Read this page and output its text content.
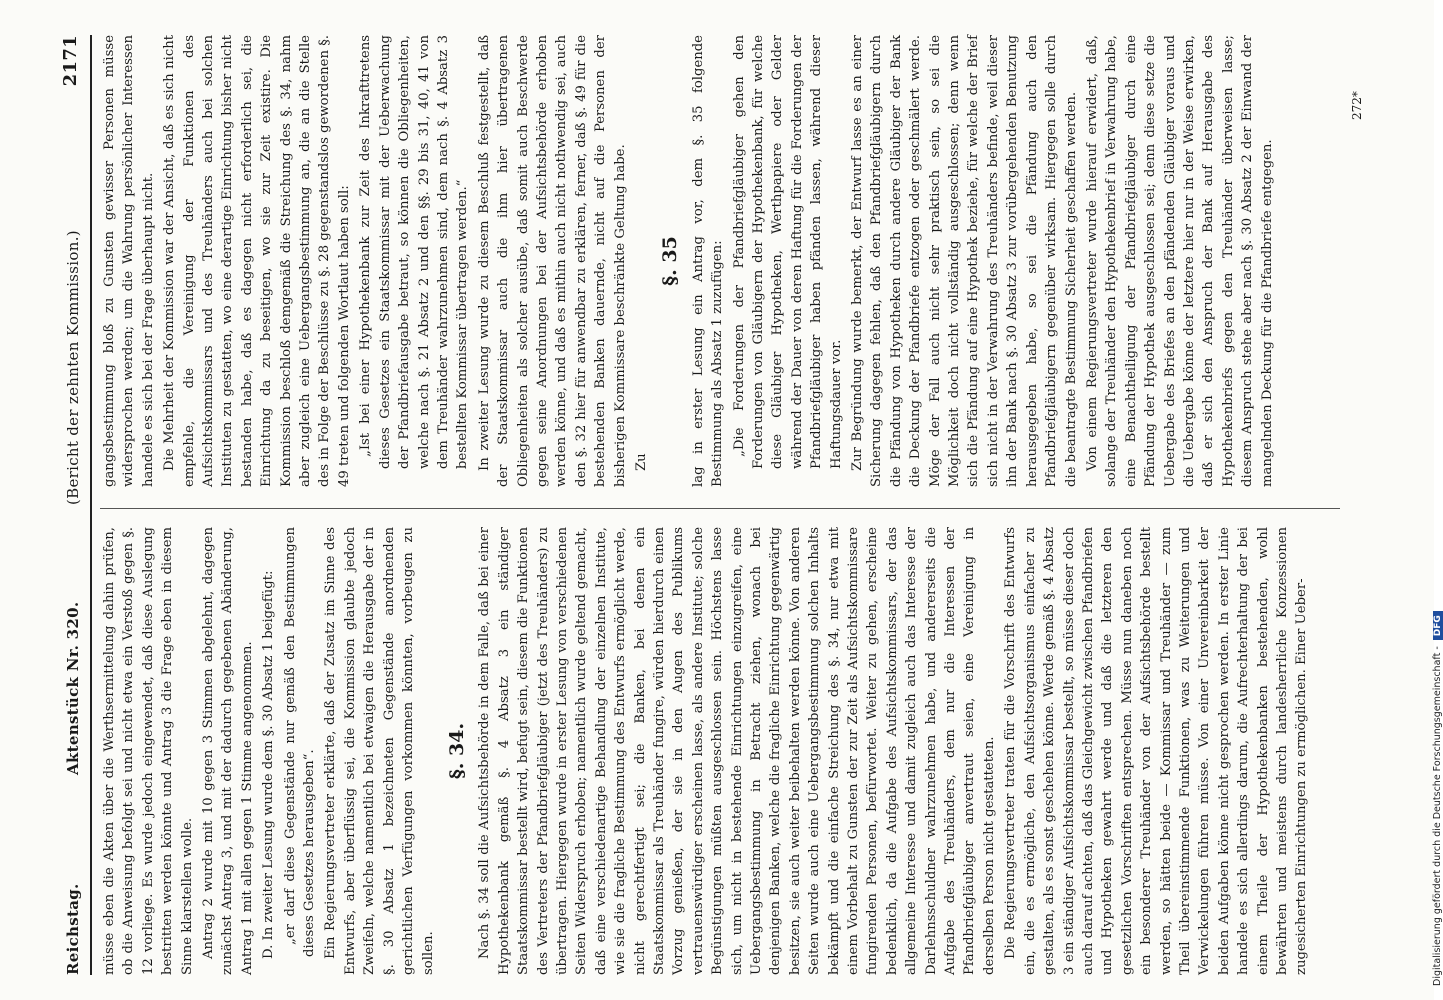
Reichstag.
Aktenstück Nr. 320.
(Bericht der zehnten Kommission.)
2171

müsse eben die Akten über die Werthsermittelung dahin prüfen, ob die Anweisung befolgt sei und nicht etwa ein Verstoß gegen §. 12 vorliege. Es wurde jedoch eingewendet, daß diese Auslegung bestritten werden könnte und Antrag 3 die Frage eben in diesem Sinne klarstellen wolle. Antrag 2 wurde mit 10 gegen 3 Stimmen abgelehnt, dagegen zunächst Antrag 3, und mit der dadurch gegebenen Abänderung, Antrag 1 mit allen gegen 1 Stimme angenommen. D. In zweiter Lesung wurde dem §. 30 Absatz 1 beigefügt: „er darf diese Gegenstände nur gemäß den Bestimmungen dieses Gesetzes herausgeben“. Ein Regierungsvertreter erklärte, daß der Zusatz im Sinne des Entwurfs, aber überflüssig sei, die Kommission glaubte jedoch Zweifeln, welche namentlich bei etwaigen die Herausgabe der in §. 30 Absatz 1 bezeichneten Gegenstände anordnenden gerichtlichen Verfügungen vorkommen könnten, vorbeugen zu sollen.

§. 34. Nach §. 34 soll die Aufsichtsbehörde in dem Falle, daß bei einer Hypothekenbank gemäß §. 4 Absatz 3 ein ständiger Staatskommissar bestellt wird, befugt sein, diesem die Funktionen des Vertreters der Pfandbriefgläubiger (jetzt des Treuhänders) zu übertragen. Hiergegen wurde in erster Lesung von verschiedenen Seiten Widerspruch erhoben; namentlich wurde geltend gemacht, daß eine verschiedenartige Behandlung der einzelnen Institute, wie sie die fragliche Bestimmung des Entwurfs ermöglicht werde, nicht gerechtfertigt sei; die Banken, bei denen ein Staatskommissar als Treuhänder fungire, würden hierdurch einen Vorzug genießen, der sie in den Augen des Publikums vertrauenswürdiger erscheinen lasse, als andere Institute; solche Begünstigungen müßten ausgeschlossen sein. Höchstens lasse sich, um nicht in bestehende Einrichtungen einzugreifen, eine Uebergangsbestimmung in Betracht ziehen, wonach bei denjenigen Banken, welche die fragliche Einrichtung gegenwärtig besitzen, sie auch weiter beibehalten werden könne. Von anderen Seiten wurde auch eine Uebergangsbestimmung solchen Inhalts bekämpft und die einfache Streichung des §. 34, nur etwa mit einem Vorbehalt zu Gunsten der zur Zeit als Aufsichtskommissare fungirenden Personen, befürwortet. Weiter zu gehen, erscheine bedenklich, da die Aufgabe des Aufsichtskommissars, der das allgemeine Interesse und damit zugleich auch das Interesse der Darlehnsschuldner wahrzunehmen habe, und andererseits die Aufgabe des Treuhänders, dem nur die Interessen der Pfandbriefgläubiger anvertraut seien, eine Vereinigung in derselben Person nicht gestatteten. Die Regierungsvertreter traten für die Vorschrift des Entwurfs ein, die es ermögliche, den Aufsichtsorganismus einfacher zu gestalten, als es sonst geschehen könne. Werde gemäß §. 4 Absatz 3 ein ständiger Aufsichtskommissar bestellt, so müsse dieser doch auch darauf achten, daß das Gleichgewicht zwischen Pfandbriefen und Hypotheken gewahrt werde und daß die letzteren den gesetzlichen Vorschriften entsprechen. Müsse nun daneben noch ein besonderer Treuhänder von der Aufsichtsbehörde bestellt werden, so hätten beide — Kommissar und Treuhänder — zum Theil übereinstimmende Funktionen, was zu Weiterungen und Verwickelungen führen müsse. Von einer Unvereinbarkeit der beiden Aufgaben könne nicht gesprochen werden. In erster Linie handele es sich allerdings darum, die Aufrechterhaltung der bei einem Theile der Hypothekenbanken bestehenden, wohl bewährten und meistens durch landesherrliche Konzessionen zugesicherten Einrichtungen zu ermöglichen. Einer Ueber-

gangsbestimmung bloß zu Gunsten gewisser Personen müsse widersprochen werden; um die Wahrung persönlicher Interessen handele es sich bei der Frage überhaupt nicht. Die Mehrheit der Kommission war der Ansicht, daß es sich nicht empfehle, die Vereinigung der Funktionen des Aufsichtskommissars und des Treuhänders auch bei solchen Instituten zu gestatten, wo eine derartige Einrichtung bisher nicht bestanden habe, daß es dagegen nicht erforderlich sei, die Einrichtung da zu beseitigen, wo sie zur Zeit existire. Die Kommission beschloß demgemäß die Streichung des §. 34, nahm aber zugleich eine Uebergangsbestimmung an, die an die Stelle des in Folge der Beschlüsse zu §. 28 gegenstandslos gewordenen §. 49 treten und folgenden Wortlaut haben soll: „Ist bei einer Hypothekenbank zur Zeit des Inkrafttretens dieses Gesetzes ein Staatskommissar mit der Ueberwachung der Pfandbriefausgabe betraut, so können die Obliegenheiten, welche nach §. 21 Absatz 2 und den §§. 29 bis 31, 40, 41 von dem Treuhänder wahrzunehmen sind, dem nach §. 4 Absatz 3 bestellten Kommissar übertragen werden.“ In zweiter Lesung wurde zu diesem Beschluß festgestellt, daß der Staatskommissar auch die ihm hier übertragenen Obliegenheiten als solcher ausübe, daß somit auch Beschwerde gegen seine Anordnungen bei der Aufsichtsbehörde erhoben werden könne, und daß es mithin auch nicht nothwendig sei, auch den §. 32 hier für anwendbar zu erklären, ferner, daß §. 49 für die bestehenden Banken dauernde, nicht auf die Personen der bisherigen Kommissare beschränkte Geltung habe. Zu

§. 35 lag in erster Lesung ein Antrag vor, dem §. 35 folgende Bestimmung als Absatz 1 zuzufügen: „Die Forderungen der Pfandbriefgläubiger gehen den Forderungen von Gläubigern der Hypothekenbank, für welche diese Gläubiger Hypotheken, Werthpapiere oder Gelder während der Dauer von deren Haftung für die Forderungen der Pfandbriefgläubiger haben pfänden lassen, während dieser Haftungsdauer vor. Zur Begründung wurde bemerkt, der Entwurf lasse es an einer Sicherung dagegen fehlen, daß den Pfandbriefgläubigern durch die Pfändung von Hypotheken durch andere Gläubiger der Bank die Deckung der Pfandbriefe entzogen oder geschmälert werde. Möge der Fall auch nicht sehr praktisch sein, so sei die Möglichkeit doch nicht vollständig ausgeschlossen; denn wenn sich die Pfändung auf eine Hypothek beziehe, für welche der Brief sich nicht in der Verwahrung des Treuhänders befinde, weil dieser ihn der Bank nach §. 30 Absatz 3 zur vorübergehenden Benutzung herausgegeben habe, so sei die Pfändung auch den Pfandbriefgläubigern gegenüber wirksam. Hiergegen solle durch die beantragte Bestimmung Sicherheit geschaffen werden. Von einem Regierungsvertreter wurde hierauf erwidert, daß, solange der Treuhänder den Hypothekenbrief in Verwahrung habe, eine Benachtheiligung der Pfandbriefgläubiger durch eine Pfändung der Hypothek ausgeschlossen sei; denn diese setze die Uebergabe des Briefes an den pfändenden Gläubiger voraus und die Uebergabe könne der letztere hier nur in der Weise erwirken, daß er sich den Anspruch der Bank auf Herausgabe des Hypothekenbriefs gegen den Treuhänder überweisen lasse; diesem Anspruch stehe aber nach §. 30 Absatz 2 der Einwand der mangelnden Deckung für die Pfandbriefe entgegen.

272*
Digitalisierung gefördert durch die Deutsche Forschungsgemeinschaft -DFG
